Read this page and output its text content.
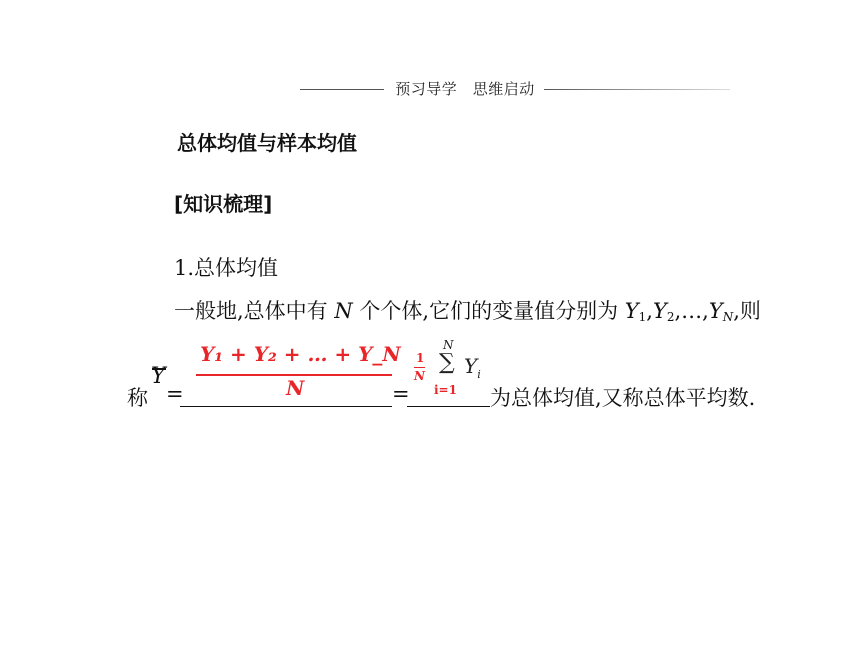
预习导学　思维启动
总体均值与样本均值
[知识梳理]
1.总体均值
一般地,总体中有 N 个个体,它们的变量值分别为 $Y_1,Y_2,\dots,Y_N$,则
称
Y
=	=	为总体均值,又称总体平均数.
Y₁ + Y₂ + … + Y_N
N
1
N
N
∑
i=1
$Y_i$
